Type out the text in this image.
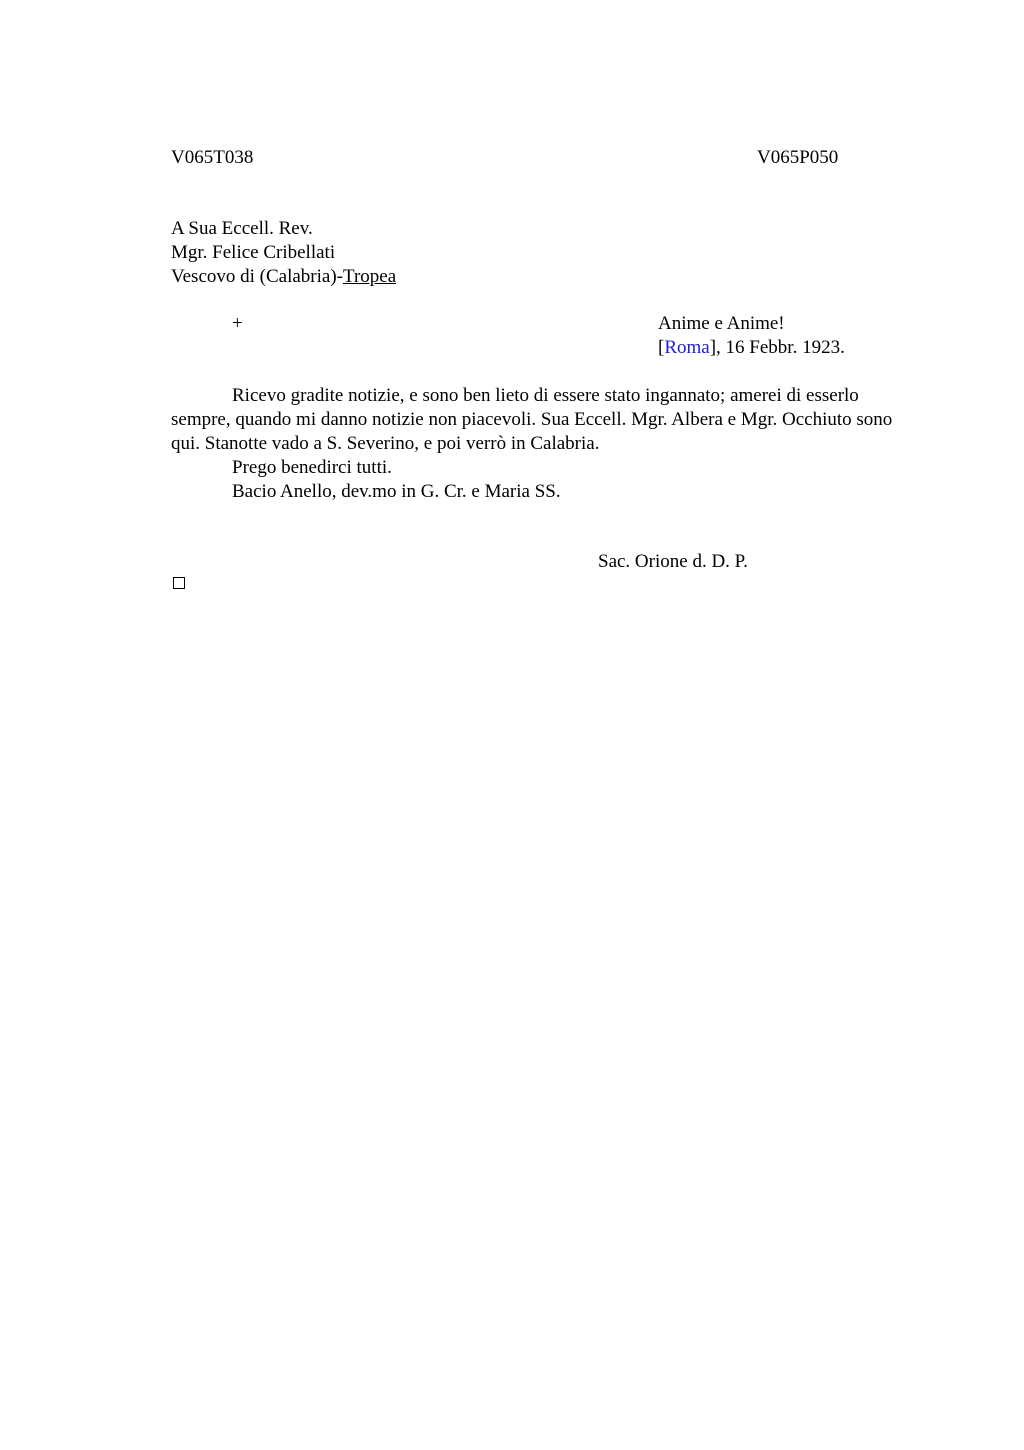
V065T038	V065P050
A Sua Eccell. Rev.
Mgr. Felice Cribellati
Vescovo di (Calabria)-Tropea
+	Anime e Anime!
[Roma], 16 Febbr. 1923.

Ricevo gradite notizie, e sono ben lieto di essere stato ingannato; amerei di esserlo sempre, quando mi danno notizie non piacevoli. Sua Eccell. Mgr. Albera e Mgr. Occhiuto sono qui. Stanotte vado a S. Severino, e poi verrò in Calabria.

Prego benedirci tutti.

Bacio Anello, dev.mo in G. Cr. e Maria SS.

Sac. Orione d. D. P.
